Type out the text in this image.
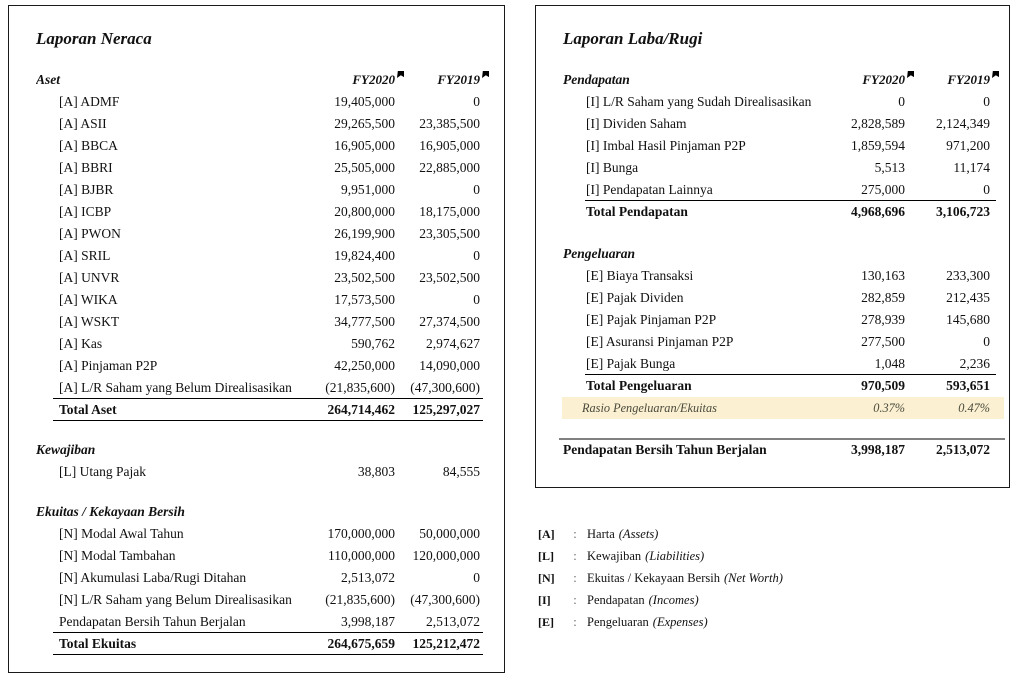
Laporan Neraca
Aset	FY2020	FY2019
[A] ADMF	19,405,000	0
[A] ASII	29,265,500	23,385,500
[A] BBCA	16,905,000	16,905,000
[A] BBRI	25,505,000	22,885,000
[A] BJBR	9,951,000	0
[A] ICBP	20,800,000	18,175,000
[A] PWON	26,199,900	23,305,500
[A] SRIL	19,824,400	0
[A] UNVR	23,502,500	23,502,500
[A] WIKA	17,573,500	0
[A] WSKT	34,777,500	27,374,500
[A] Kas	590,762	2,974,627
[A] Pinjaman P2P	42,250,000	14,090,000
[A] L/R Saham yang Belum Direalisasikan	(21,835,600)	(47,300,600)
Total Aset	264,714,462	125,297,027
Kewajiban
[L] Utang Pajak	38,803	84,555
Ekuitas / Kekayaan Bersih
[N] Modal Awal Tahun	170,000,000	50,000,000
[N] Modal Tambahan	110,000,000	120,000,000
[N] Akumulasi Laba/Rugi Ditahan	2,513,072	0
[N] L/R Saham yang Belum Direalisasikan	(21,835,600)	(47,300,600)
Pendapatan Bersih Tahun Berjalan	3,998,187	2,513,072
Total Ekuitas	264,675,659	125,212,472
Laporan Laba/Rugi
Pendapatan	FY2020	FY2019
[I] L/R Saham yang Sudah Direalisasikan	0	0
[I] Dividen Saham	2,828,589	2,124,349
[I] Imbal Hasil Pinjaman P2P	1,859,594	971,200
[I] Bunga	5,513	11,174
[I] Pendapatan Lainnya	275,000	0
Total Pendapatan	4,968,696	3,106,723
Pengeluaran
[E] Biaya Transaksi	130,163	233,300
[E] Pajak Dividen	282,859	212,435
[E] Pajak Pinjaman P2P	278,939	145,680
[E] Asuransi Pinjaman P2P	277,500	0
[E] Pajak Bunga	1,048	2,236
Total Pengeluaran	970,509	593,651
Rasio Pengeluaran/Ekuitas	0.37%	0.47%
Pendapatan Bersih Tahun Berjalan	3,998,187	2,513,072
[A]	: Harta (Assets)
[L]	: Kewajiban (Liabilities)
[N]	: Ekuitas / Kekayaan Bersih (Net Worth)
[I]	: Pendapatan (Incomes)
[E]	: Pengeluaran (Expenses)
